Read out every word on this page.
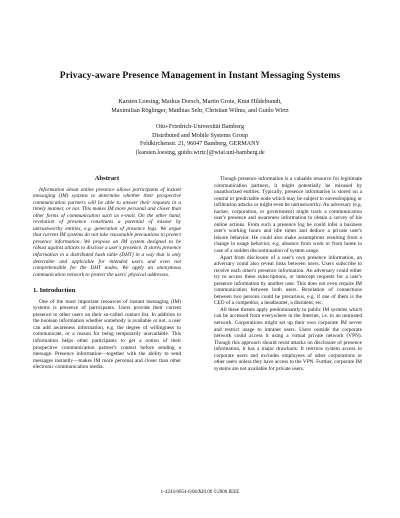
Privacy-aware Presence Management in Instant Messaging Systems
Karsten Loesing, Markus Dorsch, Martin Grote, Knut Hildebrandt,
Maximilian Röglinger, Matthias Sehr, Christian Wilms, and Guido Wirtz
Otto-Friedrich-Universität Bamberg
Distributed and Mobile Systems Group
Feldkirchenstr. 21, 96047 Bamberg, GERMANY
{karsten.loesing, guido.wirtz}@wiai.uni-bamberg.de
Abstract

Information about online presence allows participants of instant messaging (IM) systems to determine whether their prospective communication partners will be able to answer their requests in a timely manner, or not. This makes IM more personal and closer than other forms of communication such as e-mail. On the other hand, revelation of presence constitutes a potential of misuse by untrustworthy entities, e.g. generation of presence logs. We argue that current IM systems do not take reasonable precautions to protect presence information. We propose an IM system designed to be robust against attacks to disclose a user's presence. It stores presence information in a distributed hash table (DHT) in a way that is only detectable and applicable for intended users and even not comprehensible for the DHT nodes. We apply an anonymous communication network to protect the users' physical addresses.

1. Introduction

One of the most important resources of instant messaging (IM) systems is presence of participants. Users provide their current presence to other users on their so-called contact list. In addition to the boolean information whether somebody is available or not, a user can add awareness information, e.g. the degree of willingness to communicate, or a reason for being temporarily unavailable. This information helps other participants to get a notion of their prospective communication partner's context before sending a message. Presence information—together with the ability to send messages instantly—makes IM more personal and closer than other electronic communication media.

Though presence information is a valuable resource for legitimate communication partners, it might potentially be misused by unauthorized entities. Typically, presence information is stored on a central or predictable node which may be subject to eavesdropping or infiltration attacks or might even be untrustworthy. An adversary (e.g. hacker, corporation, or government) might track a communication user's presence and awareness information to obtain a survey of his online actions. From such a presence log he could infer a business user's working hours and idle times and deduce a private user's leisure behavior. He could also make assumptions resulting from a change in usage behavior, e.g. absence from work or from home in case of a sudden discontinuation of system usage.

Apart from disclosure of a user's own presence information, an adversary could also reveal links between users. Users subscribe to receive each other's presence information. An adversary could either try to access these subscriptions, or intercept requests for a user's presence information by another user. This does not even require IM communication between both users. Revelation of connections between two persons could be precarious, e.g. if one of them is the CEO of a competitor, a headhunter, a dissident, etc.

All these threats apply predominantly to public IM systems which can be accessed from everywhere in the Internet, i.e. in an untrusted network. Corporations might set up their own corporate IM server and restrict usage to intranet users. Users outside the corporate network could access it using a virtual private network (VPN). Though this approach should resist attacks on disclosure of presence information, it has a major drawback: It restricts system access to corporate users and excludes employees of other corporations or other users unless they have access to the VPN. Further, corporate IM systems are not available for private users.

1-4244-0054-6/06/$20.00 ©2006 IEEE
